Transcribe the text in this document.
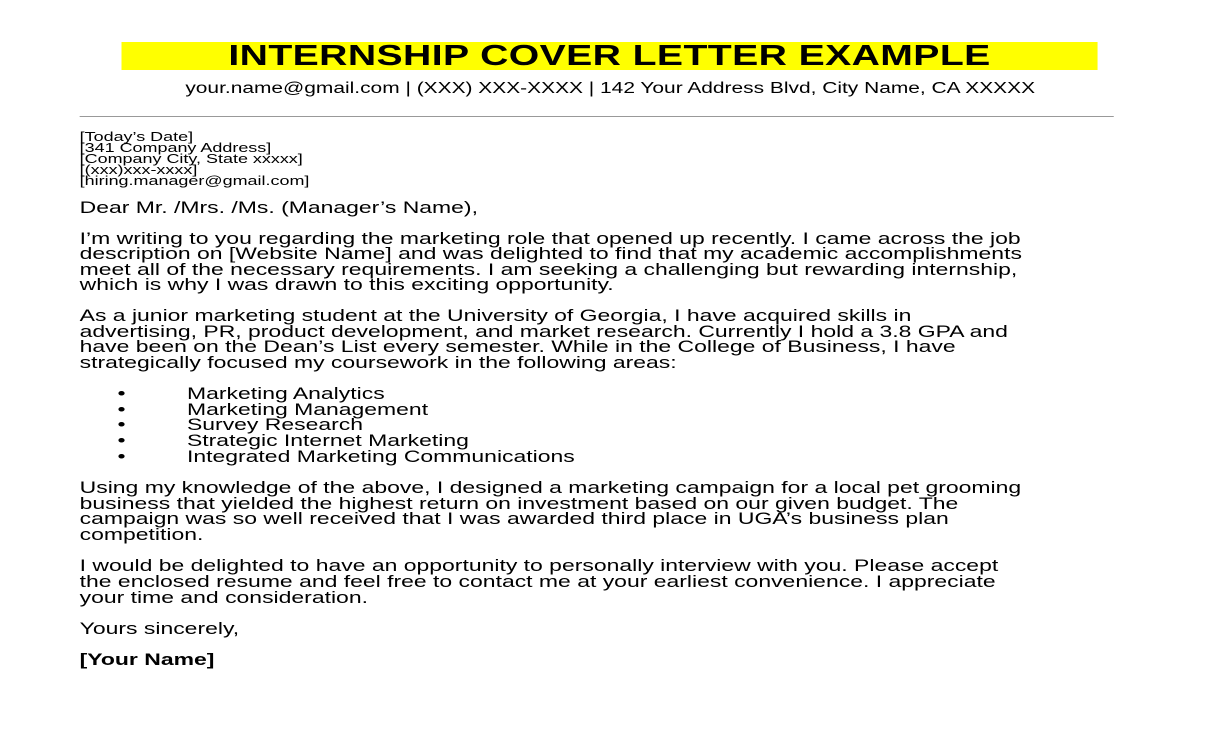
INTERNSHIP COVER LETTER EXAMPLE
your.name@gmail.com | (XXX) XXX-XXXX | 142 Your Address Blvd, City Name, CA XXXXX
[Today’s Date]
[341 Company Address]
[Company City, State xxxxx]
[(xxx)xxx-xxxx]
[hiring.manager@gmail.com]
Dear Mr. /Mrs. /Ms. (Manager’s Name),
I’m writing to you regarding the marketing role that opened up recently. I came across the job
description on [Website Name] and was delighted to find that my academic accomplishments
meet all of the necessary requirements. I am seeking a challenging but rewarding internship,
which is why I was drawn to this exciting opportunity.
As a junior marketing student at the University of Georgia, I have acquired skills in
advertising, PR, product development, and market research. Currently I hold a 3.8 GPA and
have been on the Dean’s List every semester. While in the College of Business, I have
strategically focused my coursework in the following areas:
•	Marketing Analytics
•	Marketing Management
•	Survey Research
•	Strategic Internet Marketing
•	Integrated Marketing Communications
Using my knowledge of the above, I designed a marketing campaign for a local pet grooming
business that yielded the highest return on investment based on our given budget. The
campaign was so well received that I was awarded third place in UGA’s business plan
competition.
I would be delighted to have an opportunity to personally interview with you. Please accept
the enclosed resume and feel free to contact me at your earliest convenience. I appreciate
your time and consideration.
Yours sincerely,
[Your Name]
